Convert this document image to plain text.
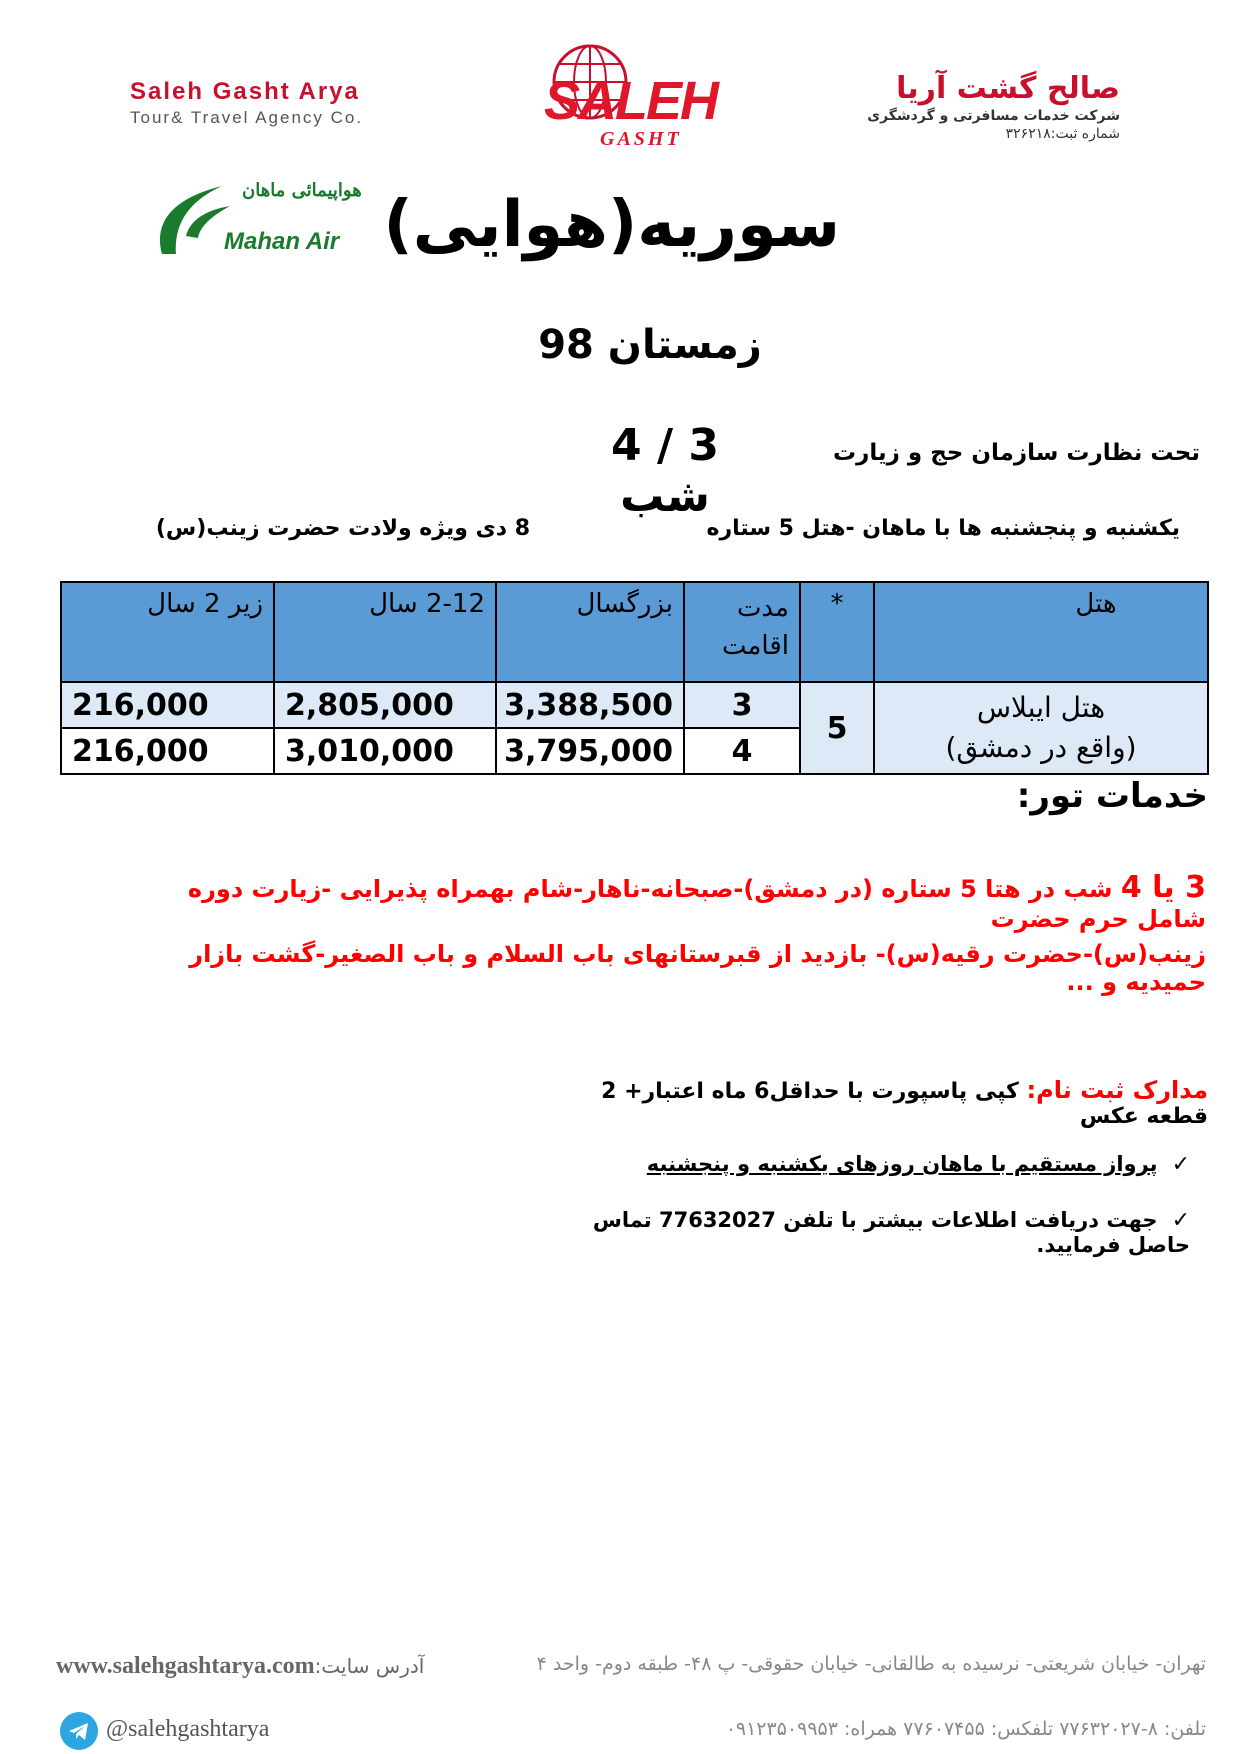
Saleh Gasht Arya
Tour& Travel Agency Co.	SALEH
GASHT
صالح گشت آریا
شرکت خدمات مسافرتی و گردشگری
شماره ثبت:۳۲۶۲۱۸
هواپیمائی ماهان
Mahan Air سوریه(هوایی)
زمستان 98
3 / 4 شب
تحت نظارت سازمان حج و زیارت
یکشنبه و پنجشنبه ها با ماهان -هتل 5 ستاره
8 دی ویژه ولادت حضرت زینب(س)
هتل	*	مدت اقامت	بزرگسال	2-12 سال	زیر 2 سال

هتل ایبلاس
(واقع در دمشق)	5	3	3,388,500	2,805,000	216,000
		4	3,795,000	3,010,000	216,000
خدمات تور:
3 یا 4 شب در هتا 5 ستاره (در دمشق)-صبحانه-ناهار-شام بهمراه پذیرایی -زیارت دوره شامل حرم حضرت
زینب(س)-حضرت رقیه(س)- بازدید از قبرستانهای باب السلام و باب الصغیر-گشت بازار حمیدیه و ...
مدارک ثبت نام: کپی پاسپورت با حداقل6 ماه اعتبار+ 2 قطعه عکس
✓پرواز مستقیم با ماهان روزهای یکشنبه و پنجشنبه
✓جهت دریافت اطلاعات بیشتر با تلفن 77632027 تماس حاصل فرمایید.
آدرس سایت:www.salehgashtarya.com	تهران- خیابان شریعتی- نرسیده به طالقانی- خیابان حقوقی- پ ۴۸- طبقه دوم- واحد ۴
@salehgashtarya	تلفن: ۸-۷۷۶۳۲۰۲۷ تلفکس: ۷۷۶۰۷۴۵۵ همراه: ۰۹۱۲۳۵۰۹۹۵۳
